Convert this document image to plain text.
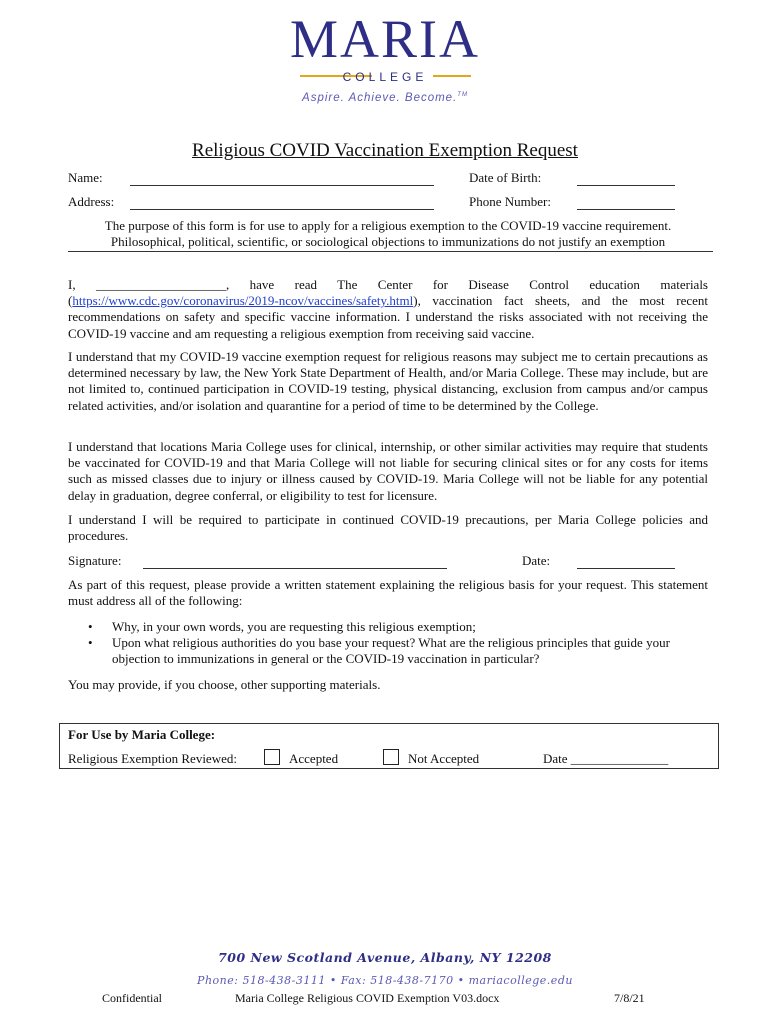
MARIA
COLLEGE
Aspire. Achieve. Become.™
Religious COVID Vaccination Exemption Request
Name:	Date of Birth:
Address:	Phone Number:
The purpose of this form is for use to apply for a religious exemption to the COVID-19 vaccine requirement.
Philosophical, political, scientific, or sociological objections to immunizations do not justify an exemption
I, ____________________, have read The Center for Disease Control education materials (https://www.cdc.gov/coronavirus/2019-ncov/vaccines/safety.html), vaccination fact sheets, and the most recent recommendations on safety and specific vaccine information. I understand the risks associated with not receiving the COVID-19 vaccine and am requesting a religious exemption from receiving said vaccine.
I understand that my COVID-19 vaccine exemption request for religious reasons may subject me to certain precautions as determined necessary by law, the New York State Department of Health, and/or Maria College. These may include, but are not limited to, continued participation in COVID-19 testing, physical distancing, exclusion from campus and/or campus related activities, and/or isolation and quarantine for a period of time to be determined by the College.
I understand that locations Maria College uses for clinical, internship, or other similar activities may require that students be vaccinated for COVID-19 and that Maria College will not liable for securing clinical sites or for any costs for items such as missed classes due to injury or illness caused by COVID-19. Maria College will not be liable for any potential delay in graduation, degree conferral, or eligibility to test for licensure.
I understand I will be required to participate in continued COVID-19 precautions, per Maria College policies and procedures.
Signature:	Date:
As part of this request, please provide a written statement explaining the religious basis for your request. This statement must address all of the following:
• Why, in your own words, you are requesting this religious exemption;
• Upon what religious authorities do you base your request? What are the religious principles that guide your objection to immunizations in general or the COVID-19 vaccination in particular?
You may provide, if you choose, other supporting materials.
For Use by Maria College:
Religious Exemption Reviewed:	Accepted	Not Accepted	Date _______________
700 New Scotland Avenue, Albany, NY 12208
Phone: 518-438-3111 • Fax: 518-438-7170 • mariacollege.edu
Confidential	Maria College Religious COVID Exemption V03.docx	7/8/21
